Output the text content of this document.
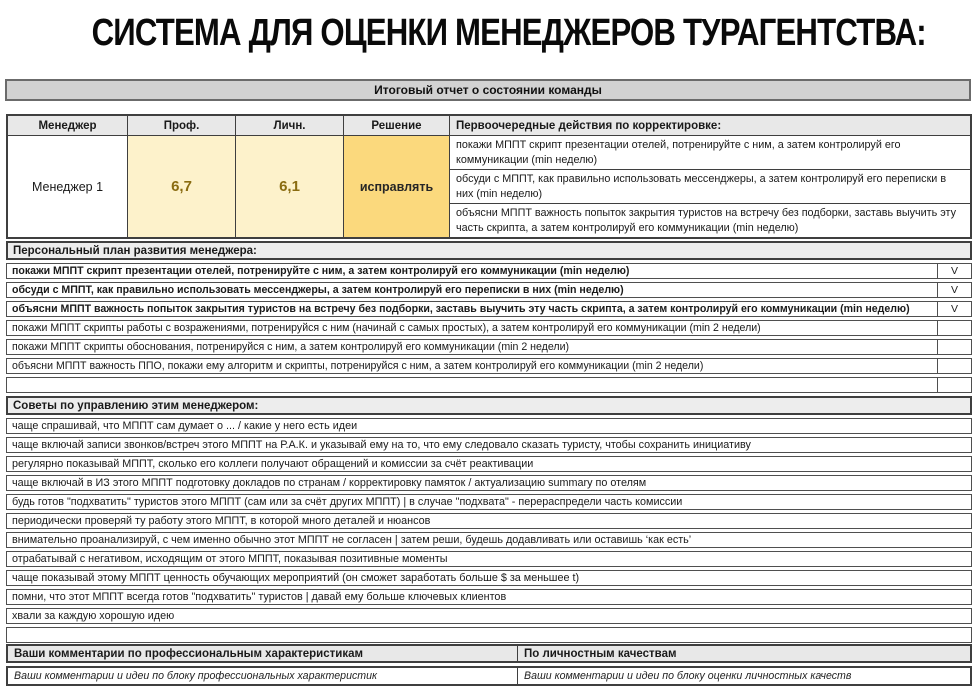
СИСТЕМА ДЛЯ ОЦЕНКИ МЕНЕДЖЕРОВ ТУРАГЕНТСТВА:
Итоговый отчет о состоянии команды
Менеджер	Проф.	Личн.	Решение	Первоочередные действия по корректировке:
Менеджер 1	6,7	6,1	исправлять
покажи МППТ скрипт презентации отелей, потренируйте с ним, а затем контролируй его коммуникации (min неделю)
обсуди с МППТ, как правильно использовать мессенджеры, а затем контролируй его переписки в них (min неделю)
объясни МППТ важность попыток закрытия туристов на встречу без подборки, заставь выучить эту часть скрипта, а затем контролируй его коммуникации (min неделю)
Персональный план развития менеджера:
покажи МППТ скрипт презентации отелей, потренируйте с ним, а затем контролируй его коммуникации (min неделю)	V
обсуди с МППТ, как правильно использовать мессенджеры, а затем контролируй его переписки в них (min неделю)	V
объясни МППТ важность попыток закрытия туристов на встречу без подборки, заставь выучить эту часть скрипта, а затем контролируй его коммуникации (min неделю)	V
покажи МППТ скрипты работы с возражениями, потренируйся с ним (начинай с самых простых), а затем контролируй его коммуникации (min 2 недели)
покажи МППТ скрипты обоснования, потренируйся с ним, а затем контролируй его коммуникации (min 2 недели)
объясни МППТ важность ППО, покажи ему алгоритм и скрипты, потренируйся с ним, а затем контролируй его коммуникации (min 2 недели)
Советы по управлению этим менеджером:
чаще спрашивай, что МППТ сам думает о ... / какие у него есть идеи
чаще включай записи звонков/встреч этого МППТ на Р.А.К. и указывай ему на то, что ему следовало сказать туристу, чтобы сохранить инициативу
регулярно показывай МППТ, сколько его коллеги получают обращений и комиссии за счёт реактивации
чаще включай в ИЗ этого МППТ подготовку докладов по странам / корректировку памяток / актуализацию summary по отелям
будь готов "подхватить" туристов этого МППТ (сам или за счёт других МППТ) | в случае "подхвата" - перераспредели часть комиссии
периодически проверяй ту работу этого МППТ, в которой много деталей и нюансов
внимательно проанализируй, с чем именно обычно этот МППТ не согласен | затем реши, будешь додавливать или оставишь ‘как есть’
отрабатывай с негативом, исходящим от этого МППТ, показывая позитивные моменты
чаще показывай этому МППТ ценность обучающих мероприятий (он сможет заработать больше $ за меньшее t)
помни, что этот МППТ всегда готов "подхватить" туристов | давай ему больше ключевых клиентов
хвали за каждую хорошую идею
Ваши комментарии по профессиональным характеристикам	По личностным качествам
Ваши комментарии и идеи по блоку профессиональных характеристик	Ваши комментарии и идеи по блоку оценки личностных качеств
